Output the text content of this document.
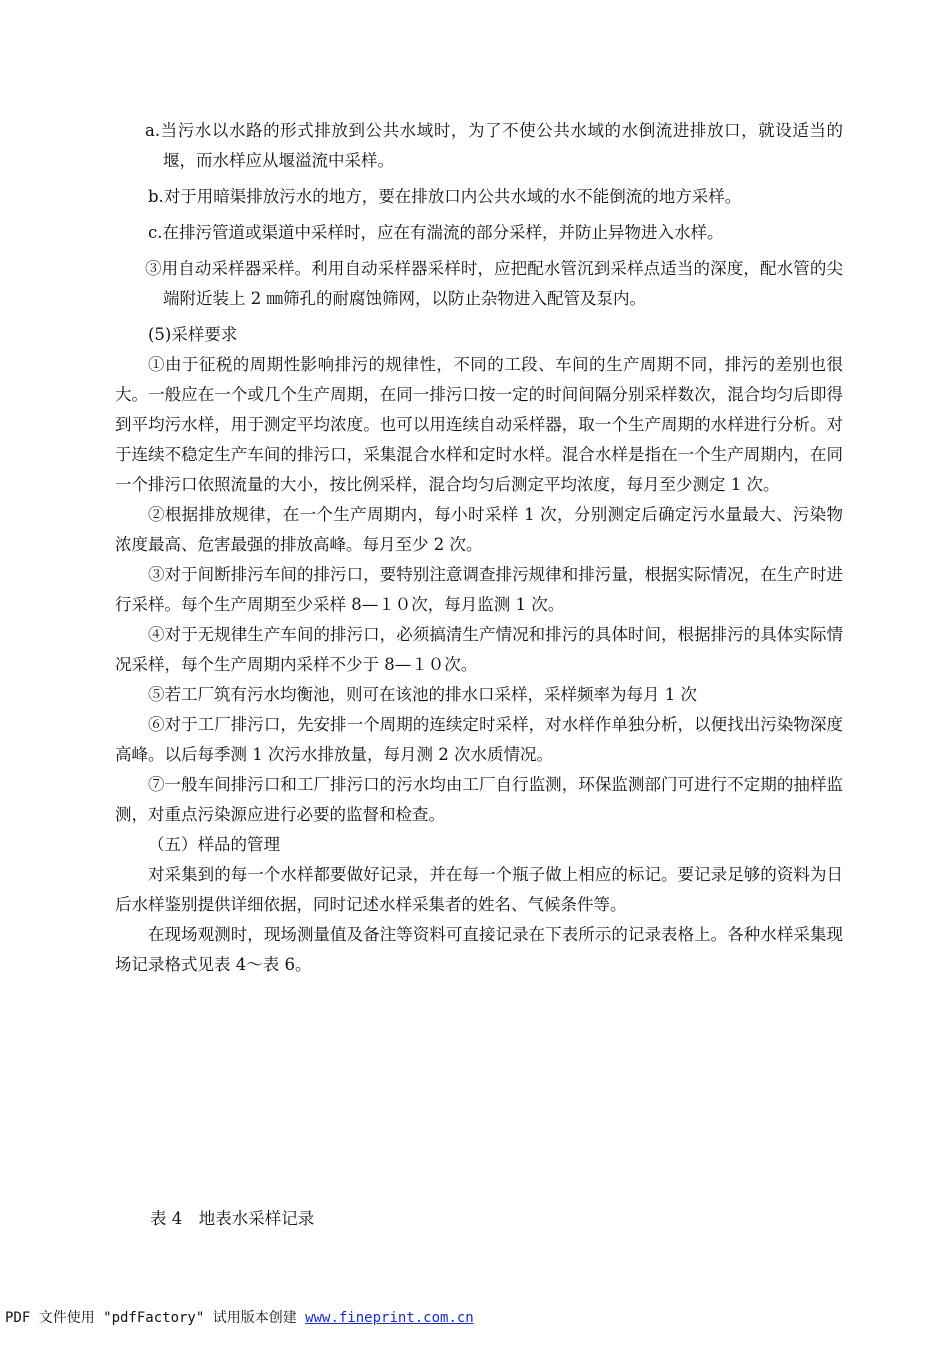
a.当污水以水路的形式排放到公共水域时，为了不使公共水域的水倒流进排放口，就设适当的堰，而水样应从堰溢流中采样。

b.对于用暗渠排放污水的地方，要在排放口内公共水域的水不能倒流的地方采样。

c.在排污管道或渠道中采样时，应在有湍流的部分采样，并防止异物进入水样。

③用自动采样器采样。利用自动采样器采样时，应把配水管沉到采样点适当的深度，配水管的尖端附近装上 2 ㎜筛孔的耐腐蚀筛网，以防止杂物进入配管及泵内。

(5)采样要求

①由于征税的周期性影响排污的规律性，不同的工段、车间的生产周期不同，排污的差别也很大。一般应在一个或几个生产周期，在同一排污口按一定的时间间隔分别采样数次，混合均匀后即得到平均污水样，用于测定平均浓度。也可以用连续自动采样器，取一个生产周期的水样进行分析。对于连续不稳定生产车间的排污口，采集混合水样和定时水样。混合水样是指在一个生产周期内，在同一个排污口依照流量的大小，按比例采样，混合均匀后测定平均浓度，每月至少测定 1 次。

②根据排放规律，在一个生产周期内，每小时采样 1 次，分别测定后确定污水量最大、污染物浓度最高、危害最强的排放高峰。每月至少 2 次。

③对于间断排污车间的排污口，要特别注意调查排污规律和排污量，根据实际情况，在生产时进行采样。每个生产周期至少采样 8—１０次，每月监测 1 次。

④对于无规律生产车间的排污口，必须搞清生产情况和排污的具体时间，根据排污的具体实际情况采样，每个生产周期内采样不少于 8—１０次。

⑤若工厂筑有污水均衡池，则可在该池的排水口采样，采样频率为每月 1 次

⑥对于工厂排污口，先安排一个周期的连续定时采样，对水样作单独分析，以便找出污染物深度高峰。以后每季测 1 次污水排放量，每月测 2 次水质情况。

⑦一般车间排污口和工厂排污口的污水均由工厂自行监测，环保监测部门可进行不定期的抽样监测，对重点污染源应进行必要的监督和检查。

（五）样品的管理

对采集到的每一个水样都要做好记录，并在每一个瓶子做上相应的标记。要记录足够的资料为日后水样鉴别提供详细依据，同时记述水样采集者的姓名、气候条件等。

在现场观测时，现场测量值及备注等资料可直接记录在下表所示的记录表格上。各种水样采集现场记录格式见表 4～表 6。

表 4　地表水采样记录
PDF 文件使用 "pdfFactory" 试用版本创建 www.fineprint.com.cn
